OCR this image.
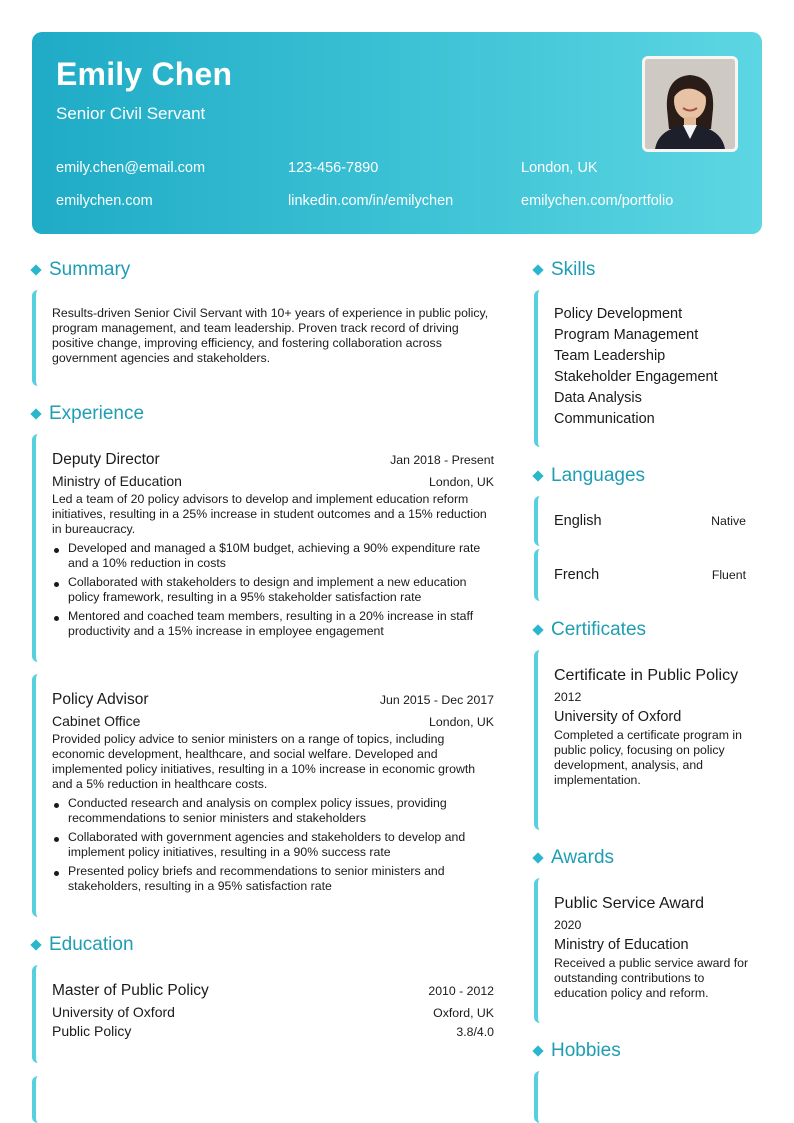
Emily Chen
Senior Civil Servant
emily.chen@email.com	123-456-7890	London, UK
emilychen.com	linkedin.com/in/emilychen	emilychen.com/portfolio
Summary
Results-driven Senior Civil Servant with 10+ years of experience in public policy, program management, and team leadership. Proven track record of driving positive change, improving efficiency, and fostering collaboration across government agencies and stakeholders.
Experience
Deputy Director	Jan 2018 - Present
Ministry of Education	London, UK
Led a team of 20 policy advisors to develop and implement education reform initiatives, resulting in a 25% increase in student outcomes and a 15% reduction in bureaucracy.
Developed and managed a $10M budget, achieving a 90% expenditure rate and a 10% reduction in costs
Collaborated with stakeholders to design and implement a new education policy framework, resulting in a 95% stakeholder satisfaction rate
Mentored and coached team members, resulting in a 20% increase in staff productivity and a 15% increase in employee engagement
Policy Advisor	Jun 2015 - Dec 2017
Cabinet Office	London, UK
Provided policy advice to senior ministers on a range of topics, including economic development, healthcare, and social welfare. Developed and implemented policy initiatives, resulting in a 10% increase in economic growth and a 5% reduction in healthcare costs.
Conducted research and analysis on complex policy issues, providing recommendations to senior ministers and stakeholders
Collaborated with government agencies and stakeholders to develop and implement policy initiatives, resulting in a 90% success rate
Presented policy briefs and recommendations to senior ministers and stakeholders, resulting in a 95% satisfaction rate
Education
Master of Public Policy	2010 - 2012
University of Oxford	Oxford, UK
Public Policy	3.8/4.0
Skills
Policy Development
Program Management
Team Leadership
Stakeholder Engagement
Data Analysis
Communication
Languages
English	Native
French	Fluent
Certificates
Certificate in Public Policy
2012
University of Oxford
Completed a certificate program in public policy, focusing on policy development, analysis, and implementation.
Awards
Public Service Award
2020
Ministry of Education
Received a public service award for outstanding contributions to education policy and reform.
Hobbies
